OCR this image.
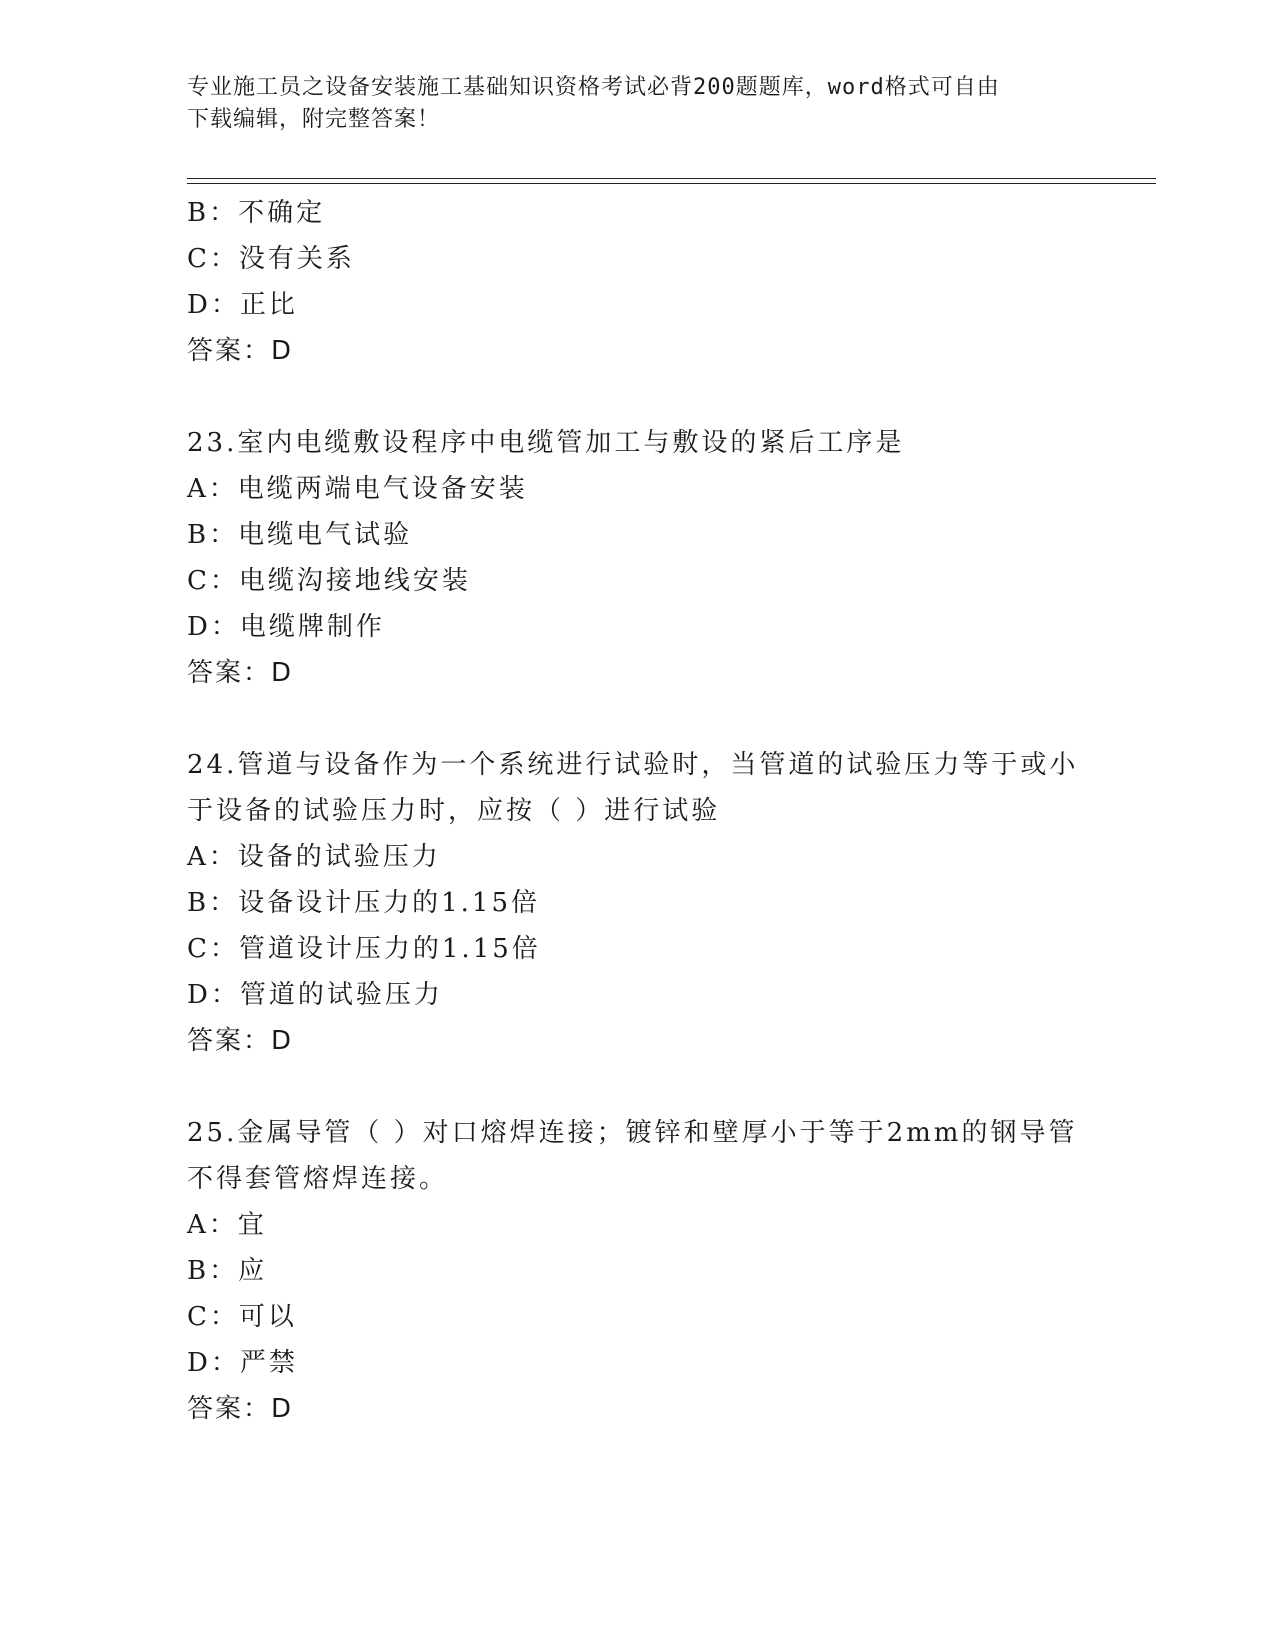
专业施工员之设备安装施工基础知识资格考试必背200题题库，word格式可自由
下载编辑，附完整答案！
B：不确定
C：没有关系
D：正比
答案：D
23.室内电缆敷设程序中电缆管加工与敷设的紧后工序是
A：电缆两端电气设备安装
B：电缆电气试验
C：电缆沟接地线安装
D：电缆牌制作
答案：D
24.管道与设备作为一个系统进行试验时，当管道的试验压力等于或小
于设备的试验压力时，应按（ ）进行试验
A：设备的试验压力
B：设备设计压力的1.15倍
C：管道设计压力的1.15倍
D：管道的试验压力
答案：D
25.金属导管（ ）对口熔焊连接；镀锌和壁厚小于等于2mm的钢导管
不得套管熔焊连接。
A：宜
B：应
C：可以
D：严禁
答案：D
